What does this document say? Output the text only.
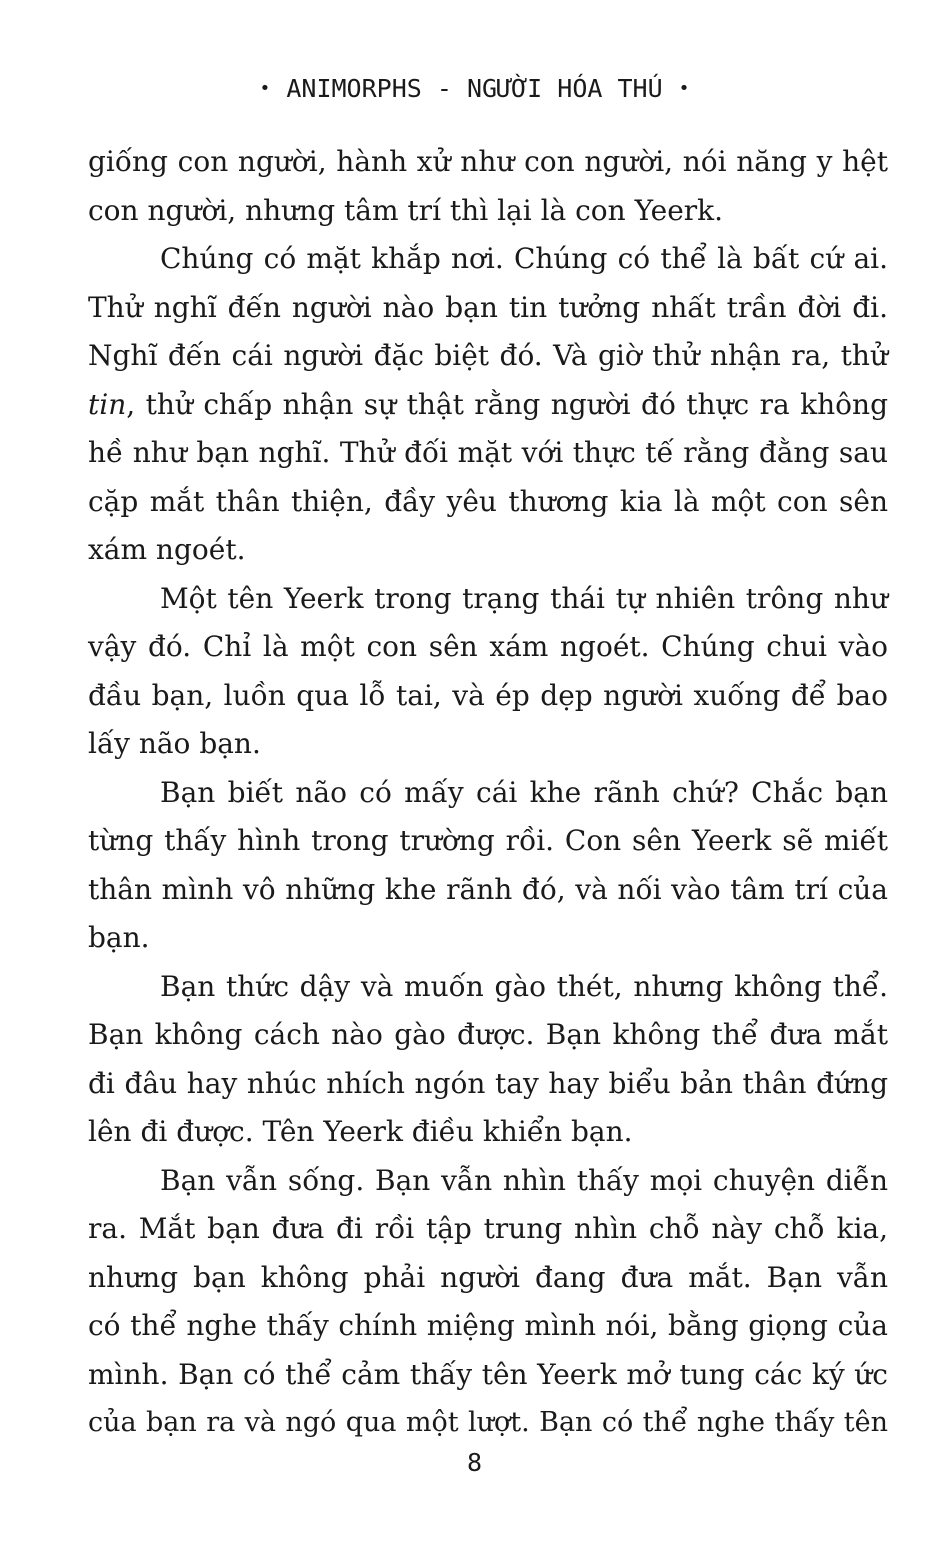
• ANIMORPHS - NGƯỜI HÓA THÚ •

giống con người, hành xử như con người, nói năng y hệt
con người, nhưng tâm trí thì lại là con Yeerk.

Chúng có mặt khắp nơi. Chúng có thể là bất cứ ai.
Thử nghĩ đến người nào bạn tin tưởng nhất trần đời đi.
Nghĩ đến cái người đặc biệt đó. Và giờ thử nhận ra, thử
tin, thử chấp nhận sự thật rằng người đó thực ra không
hề như bạn nghĩ. Thử đối mặt với thực tế rằng đằng sau
cặp mắt thân thiện, đầy yêu thương kia là một con sên
xám ngoét.

Một tên Yeerk trong trạng thái tự nhiên trông như
vậy đó. Chỉ là một con sên xám ngoét. Chúng chui vào
đầu bạn, luồn qua lỗ tai, và ép dẹp người xuống để bao
lấy não bạn.

Bạn biết não có mấy cái khe rãnh chứ? Chắc bạn
từng thấy hình trong trường rồi. Con sên Yeerk sẽ miết
thân mình vô những khe rãnh đó, và nối vào tâm trí của
bạn.

Bạn thức dậy và muốn gào thét, nhưng không thể.
Bạn không cách nào gào được. Bạn không thể đưa mắt
đi đâu hay nhúc nhích ngón tay hay biểu bản thân đứng
lên đi được. Tên Yeerk điều khiển bạn.

Bạn vẫn sống. Bạn vẫn nhìn thấy mọi chuyện diễn
ra. Mắt bạn đưa đi rồi tập trung nhìn chỗ này chỗ kia,
nhưng bạn không phải người đang đưa mắt. Bạn vẫn
có thể nghe thấy chính miệng mình nói, bằng giọng của
mình. Bạn có thể cảm thấy tên Yeerk mở tung các ký ức
của bạn ra và ngó qua một lượt. Bạn có thể nghe thấy tên

8
